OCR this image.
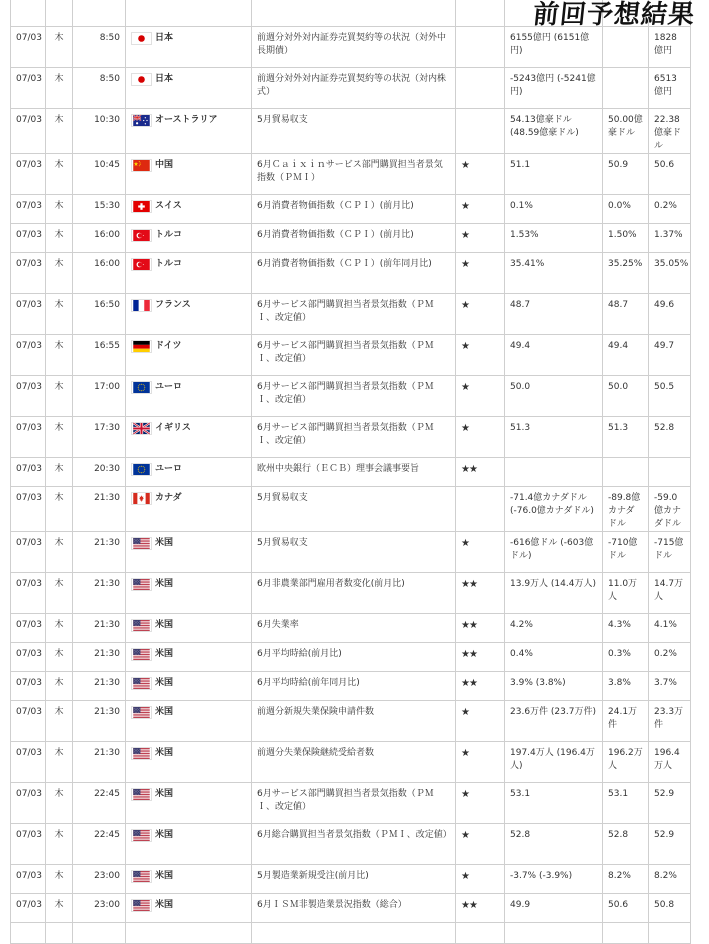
07/03	木	8:50	日本	前週分対外対内証券売買契約等の状況（対外中長期債）		6155億円 (6151億円)		1828億円
07/03	木	8:50	日本	前週分対外対内証券売買契約等の状況（対内株式）		-5243億円 (-5241億円)		6513億円
07/03	木	10:30	オーストラリア	5月貿易収支		54.13億豪ドル (48.59億豪ドル)	50.00億豪ドル	22.38億豪ドル
07/03	木	10:45	中国	6月Ｃａｉｘｉｎサービス部門購買担当者景気指数（ＰＭＩ）	★	51.1	50.9	50.6
07/03	木	15:30	スイス	6月消費者物価指数（ＣＰＩ）(前月比)	★	0.1%	0.0%	0.2%
07/03	木	16:00	トルコ	6月消費者物価指数（ＣＰＩ）(前月比)	★	1.53%	1.50%	1.37%
07/03	木	16:00	トルコ	6月消費者物価指数（ＣＰＩ）(前年同月比)	★	35.41%	35.25%	35.05%
07/03	木	16:50	フランス	6月サービス部門購買担当者景気指数（ＰＭＩ、改定値）	★	48.7	48.7	49.6
07/03	木	16:55	ドイツ	6月サービス部門購買担当者景気指数（ＰＭＩ、改定値）	★	49.4	49.4	49.7
07/03	木	17:00	ユーロ	6月サービス部門購買担当者景気指数（ＰＭＩ、改定値）	★	50.0	50.0	50.5
07/03	木	17:30	イギリス	6月サービス部門購買担当者景気指数（ＰＭＩ、改定値）	★	51.3	51.3	52.8
07/03	木	20:30	ユーロ	欧州中央銀行（ＥＣＢ）理事会議事要旨	★★			
07/03	木	21:30	カナダ	5月貿易収支		-71.4億カナダドル (-76.0億カナダドル)	-89.8億カナダドル	-59.0億カナダドル
07/03	木	21:30	米国	5月貿易収支	★	-616億ドル (-603億ドル)	-710億ドル	-715億ドル
07/03	木	21:30	米国	6月非農業部門雇用者数変化(前月比)	★★	13.9万人 (14.4万人)	11.0万人	14.7万人
07/03	木	21:30	米国	6月失業率	★★	4.2%	4.3%	4.1%
07/03	木	21:30	米国	6月平均時給(前月比)	★★	0.4%	0.3%	0.2%
07/03	木	21:30	米国	6月平均時給(前年同月比)	★★	3.9% (3.8%)	3.8%	3.7%
07/03	木	21:30	米国	前週分新規失業保険申請件数	★	23.6万件 (23.7万件)	24.1万件	23.3万件
07/03	木	21:30	米国	前週分失業保険継続受給者数	★	197.4万人 (196.4万人)	196.2万人	196.4万人
07/03	木	22:45	米国	6月サービス部門購買担当者景気指数（ＰＭＩ、改定値）	★	53.1	53.1	52.9
07/03	木	22:45	米国	6月総合購買担当者景気指数（ＰＭＩ、改定値）	★	52.8	52.8	52.9
07/03	木	23:00	米国	5月製造業新規受注(前月比)	★	-3.7% (-3.9%)	8.2%	8.2%
07/03	木	23:00	米国	6月ＩＳＭ非製造業景況指数（総合）	★★	49.9	50.6	50.8

前回予想結果
